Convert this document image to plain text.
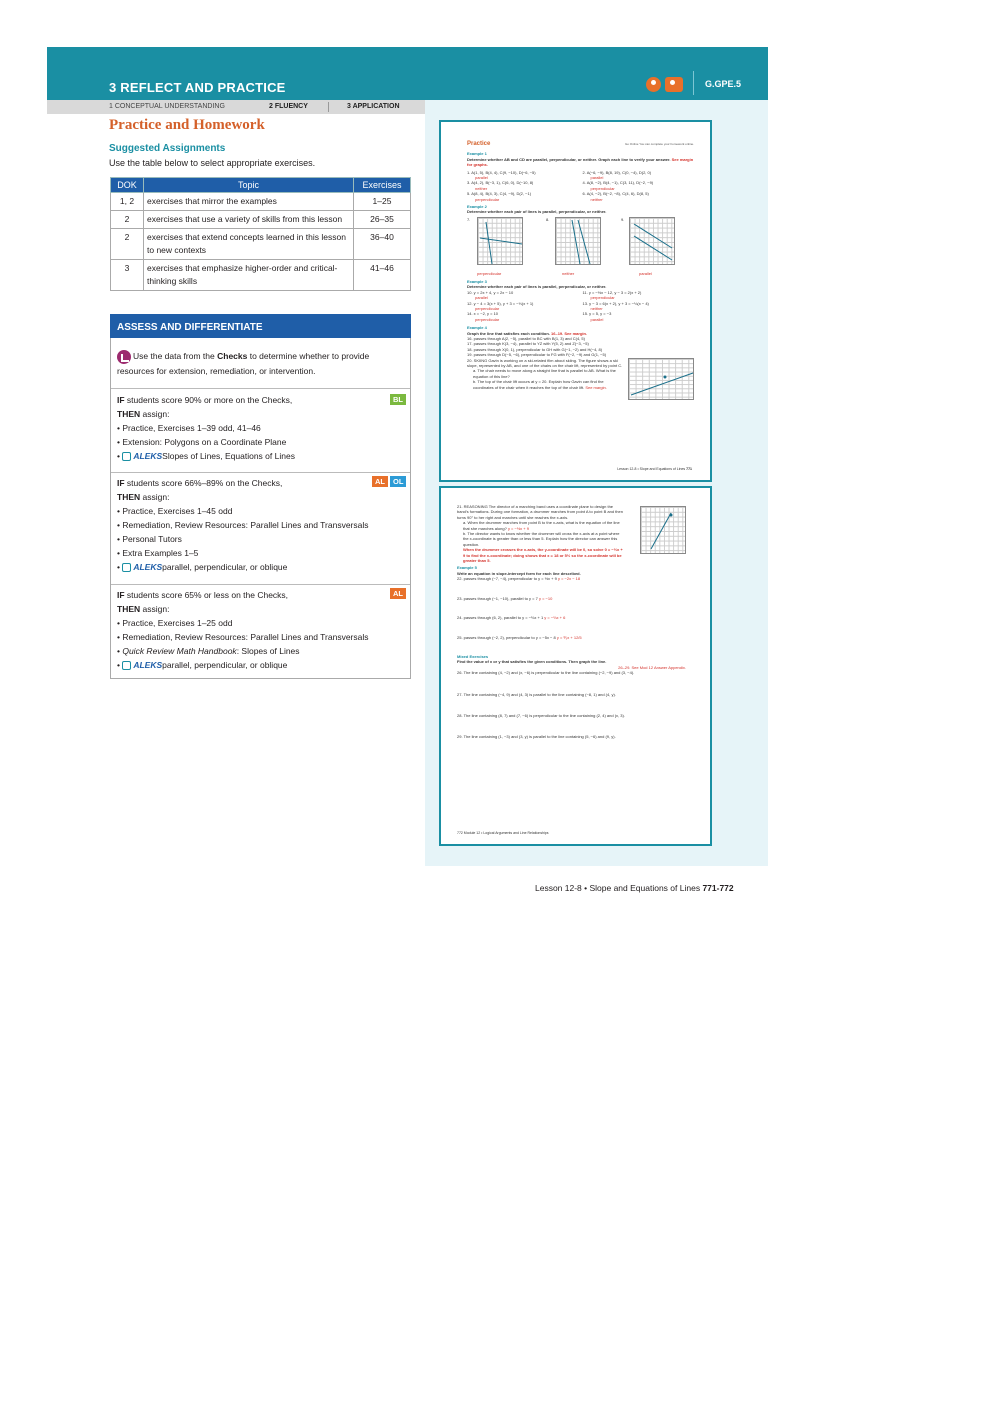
3 REFLECT AND PRACTICE	G.GPE.5
1 CONCEPTUAL UNDERSTANDING	2 FLUENCY	3 APPLICATION
Practice and Homework
Suggested Assignments
Use the table below to select appropriate exercises.
DOK	Topic	Exercises
1, 2	exercises that mirror the examples	1–25
2	exercises that use a variety of skills from this lesson	26–35
2	exercises that extend concepts learned in this lesson to new contexts	36–40
3	exercises that emphasize higher-order and critical-thinking skills	41–46
ASSESS AND DIFFERENTIATE
Use the data from the Checks to determine whether to provide resources for extension, remediation, or intervention.
IF students score 90% or more on the Checks,
THEN assign:
• Practice, Exercises 1–39 odd, 41–46
• Extension: Polygons on a Coordinate Plane
• ALEKSSlopes of Lines, Equations of Lines
BL
IF students score 66%–89% on the Checks,
THEN assign:
• Practice, Exercises 1–45 odd
• Remediation, Review Resources: Parallel Lines and Transversals
• Personal Tutors
• Extra Examples 1–5
• ALEKSparallel, perpendicular, or oblique
AL	OL
IF students score 65% or less on the Checks,
THEN assign:
• Practice, Exercises 1–25 odd
• Remediation, Review Resources: Parallel Lines and Transversals
• Quick Review Math Handbook: Slopes of Lines
• ALEKSparallel, perpendicular, or oblique
AL
Practice	Go Online You can complete your homework online.
Example 1
Determine whether AB and CD are parallel, perpendicular, or neither. Graph each line to verify your answer. See margin for graphs.
1. A(1, 5), B(4, 4), C(9, −10), D(−6, −5)	2. A(−6, −9), B(8, 19), C(0, −4), D(2, 0)
parallel	parallel
3. A(4, 2), B(−3, 1), C(6, 0), D(−10, 8)	4. A(8, −2), B(4, −1), C(3, 11), D(−2, −9)
neither	perpendicular
5. A(8, 4), B(4, 3), C(4, −9), D(2, −1)	6. A(4, −2), B(−2, −8), C(4, 6), D(8, 5)
perpendicular	neither
Example 2
Determine whether each pair of lines is parallel, perpendicular, or neither.
7.	8.	9.
perpendicular	neither	parallel
Example 3
Determine whether each pair of lines is parallel, perpendicular, or neither.
10. y = 2x + 4, y = 2x − 10	11. y = −½x − 12, y − 3 = 2(x + 2)
parallel	perpendicular
12. y − 4 = 3(x + 5), y + 3 = −⅓(x + 1)	13. y − 3 = 6(x + 2), y + 3 = −⅓(x − 4)
perpendicular	neither
14. x = −2, y = 10	15. y = 5, y = −3
perpendicular	parallel
Example 4
Graph the line that satisfies each condition. 16–19. See margin.
16. passes through A(2, −5), parallel to BC with B(1, 3) and C(4, 5)
17. passes through K(3, −4), parallel to YZ with Y(5, 2) and Z(−3, −5)
18. passes through X(0, 1), perpendicular to GH with G(−1, −2) and H(−4, 8)
19. passes through D(−5, −6), perpendicular to FG with F(−2, −9) and G(1, −5)
20. SKIING Gavin is working on a ski-related film about skiing. The figure shows a ski slope, represented by AB, and one of the chairs on the chair lift, represented by point C.
a. The chair needs to move along a straight line that is parallel to AB. What is the equation of this line?
b. The top of the chair lift occurs at y = 20. Explain how Gavin can find the coordinates of the chair when it reaches the top of the chair lift. See margin.
Lesson 12-8 • Slope and Equations of Lines 771
21. REASONING The director of a marching band uses a coordinate plane to design the band's formations. During one formation, a drummer marches from point A to point B and then turns 90° to her right and marches until she reaches the x-axis.
a. When the drummer marches from point B to the x-axis, what is the equation of the line that she marches along? y = −½x + 9
b. The director wants to know whether the drummer will cross the x-axis at a point where the x-coordinate is greater than or less than 5. Explain how the director can answer this question.
When the drummer crosses the x-axis, the y-coordinate will be 0, so solve 0 = −½x + 9 to find the x-coordinate; doing shows that x = 18 or 5½ so the x-coordinate will be greater than 5.
Example 5
Write an equation in slope-intercept form for each line described.
22. passes through (−7, −4), perpendicular to y = ½x + 9 y = −2x − 18
23. passes through (−1, −10), parallel to y = 7 y = −10
24. passes through (6, 2), parallel to y = −⅔x + 1 y = −⅔x + 6
25. passes through (−2, 2), perpendicular to y = −5x − 8 y = ⅕x + 12/5
Mixed Exercises
Find the value of x or y that satisfies the given conditions. Then graph the line.
26–29. See Mod 12 Answer Appendix.
26. The line containing (4, −2) and (x, −6) is perpendicular to the line containing (−2, −9) and (3, −4).
27. The line containing (−4, 9) and (4, 3) is parallel to the line containing (−8, 1) and (4, y).
28. The line containing (8, 7) and (7, −6) is perpendicular to the line containing (2, 4) and (x, 3).
29. The line containing (1, −3) and (3, y) is parallel to the line containing (5, −6) and (9, y).
772 Module 12 • Logical Arguments and Line Relationships
Lesson 12-8 • Slope and Equations of Lines 771-772
